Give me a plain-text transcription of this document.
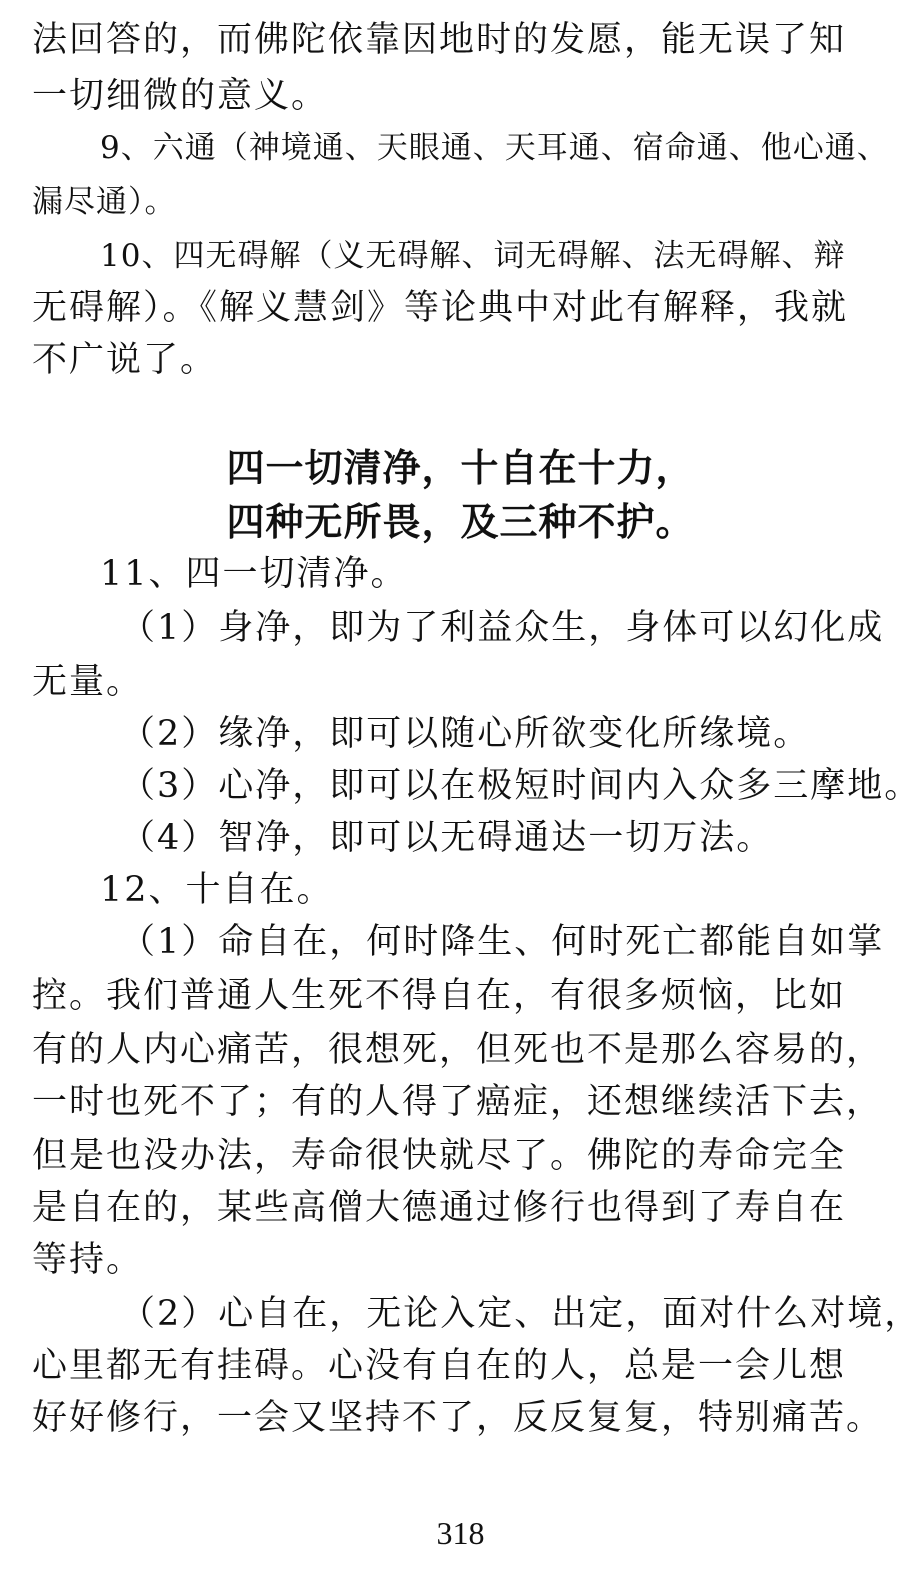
法回答的，而佛陀依靠因地时的发愿，能无误了知
一切细微的意义。
9、六通（神境通、天眼通、天耳通、宿命通、他心通、
漏尽通）。
10、四无碍解（义无碍解、词无碍解、法无碍解、辩
无碍解）。《解义慧剑》等论典中对此有解释，我就
不广说了。
四一切清净，十自在十力，
四种无所畏，及三种不护。
11、四一切清净。
（1）身净，即为了利益众生，身体可以幻化成
无量。
（2）缘净，即可以随心所欲变化所缘境。
（3）心净，即可以在极短时间内入众多三摩地。
（4）智净，即可以无碍通达一切万法。
12、十自在。
（1）命自在，何时降生、何时死亡都能自如掌
控。我们普通人生死不得自在，有很多烦恼，比如
有的人内心痛苦，很想死，但死也不是那么容易的，
一时也死不了；有的人得了癌症，还想继续活下去，
但是也没办法，寿命很快就尽了。佛陀的寿命完全
是自在的，某些高僧大德通过修行也得到了寿自在
等持。
（2）心自在，无论入定、出定，面对什么对境，
心里都无有挂碍。心没有自在的人，总是一会儿想
好好修行，一会又坚持不了，反反复复，特别痛苦。
318
